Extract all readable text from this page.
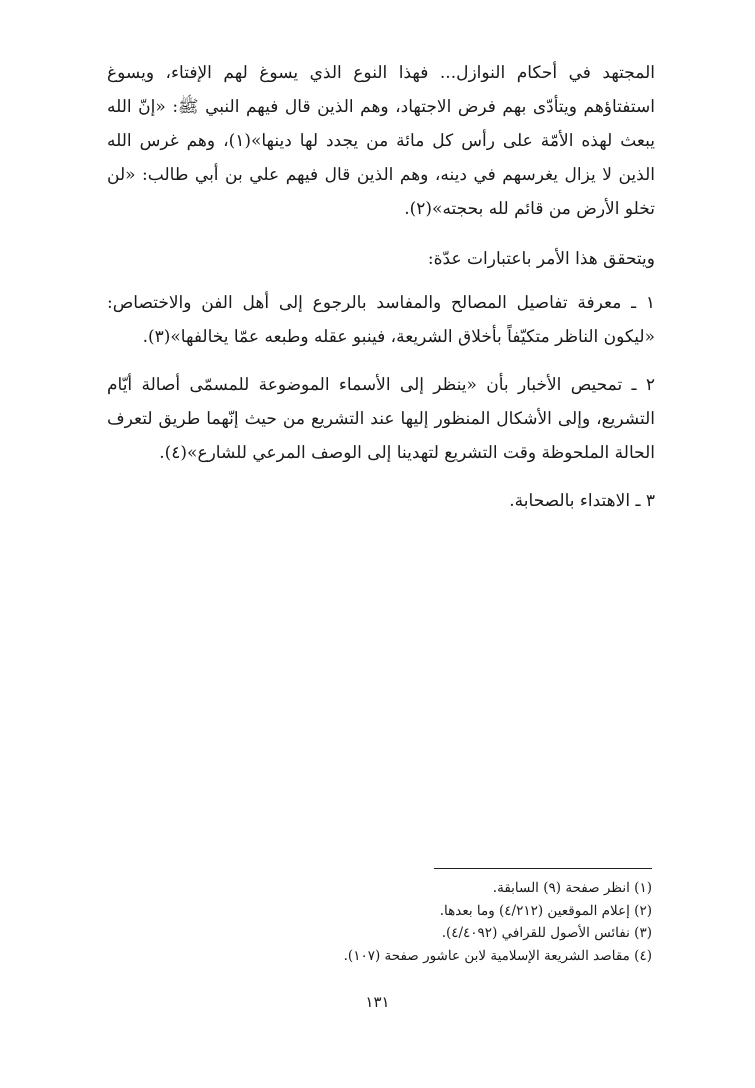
المجتهد في أحكام النوازل... فهذا النوع الذي يسوغ لهم الإفتاء، ويسوغ استفتاؤهم ويتأدّى بهم فرض الاجتهاد، وهم الذين قال فيهم النبي ﷺ: «إنّ الله يبعث لهذه الأمّة على رأس كل مائة من يجدد لها دينها»(١)، وهم غرس الله الذين لا يزال يغرسهم في دينه، وهم الذين قال فيهم علي بن أبي طالب: «لن تخلو الأرض من قائم لله بحجته»(٢).

ويتحقق هذا الأمر باعتبارات عدّة:

١ ـ معرفة تفاصيل المصالح والمفاسد بالرجوع إلى أهل الفن والاختصاص: «ليكون الناظر متكيّفاً بأخلاق الشريعة، فينبو عقله وطبعه عمّا يخالفها»(٣).

٢ ـ تمحيص الأخبار بأن «ينظر إلى الأسماء الموضوعة للمسمّى أصالة أيّام التشريع، وإلى الأشكال المنظور إليها عند التشريع من حيث إنّهما طريق لتعرف الحالة الملحوظة وقت التشريع لتهدينا إلى الوصف المرعي للشارع»(٤).

٣ ـ الاهتداء بالصحابة.

(١) انظر صفحة (٩) السابقة.
(٢) إعلام الموقعين (٤/٢١٢) وما بعدها.
(٣) نفائس الأصول للقرافي (٤/٤٠٩٢).
(٤) مقاصد الشريعة الإسلامية لابن عاشور صفحة (١٠٧).
١٣١
